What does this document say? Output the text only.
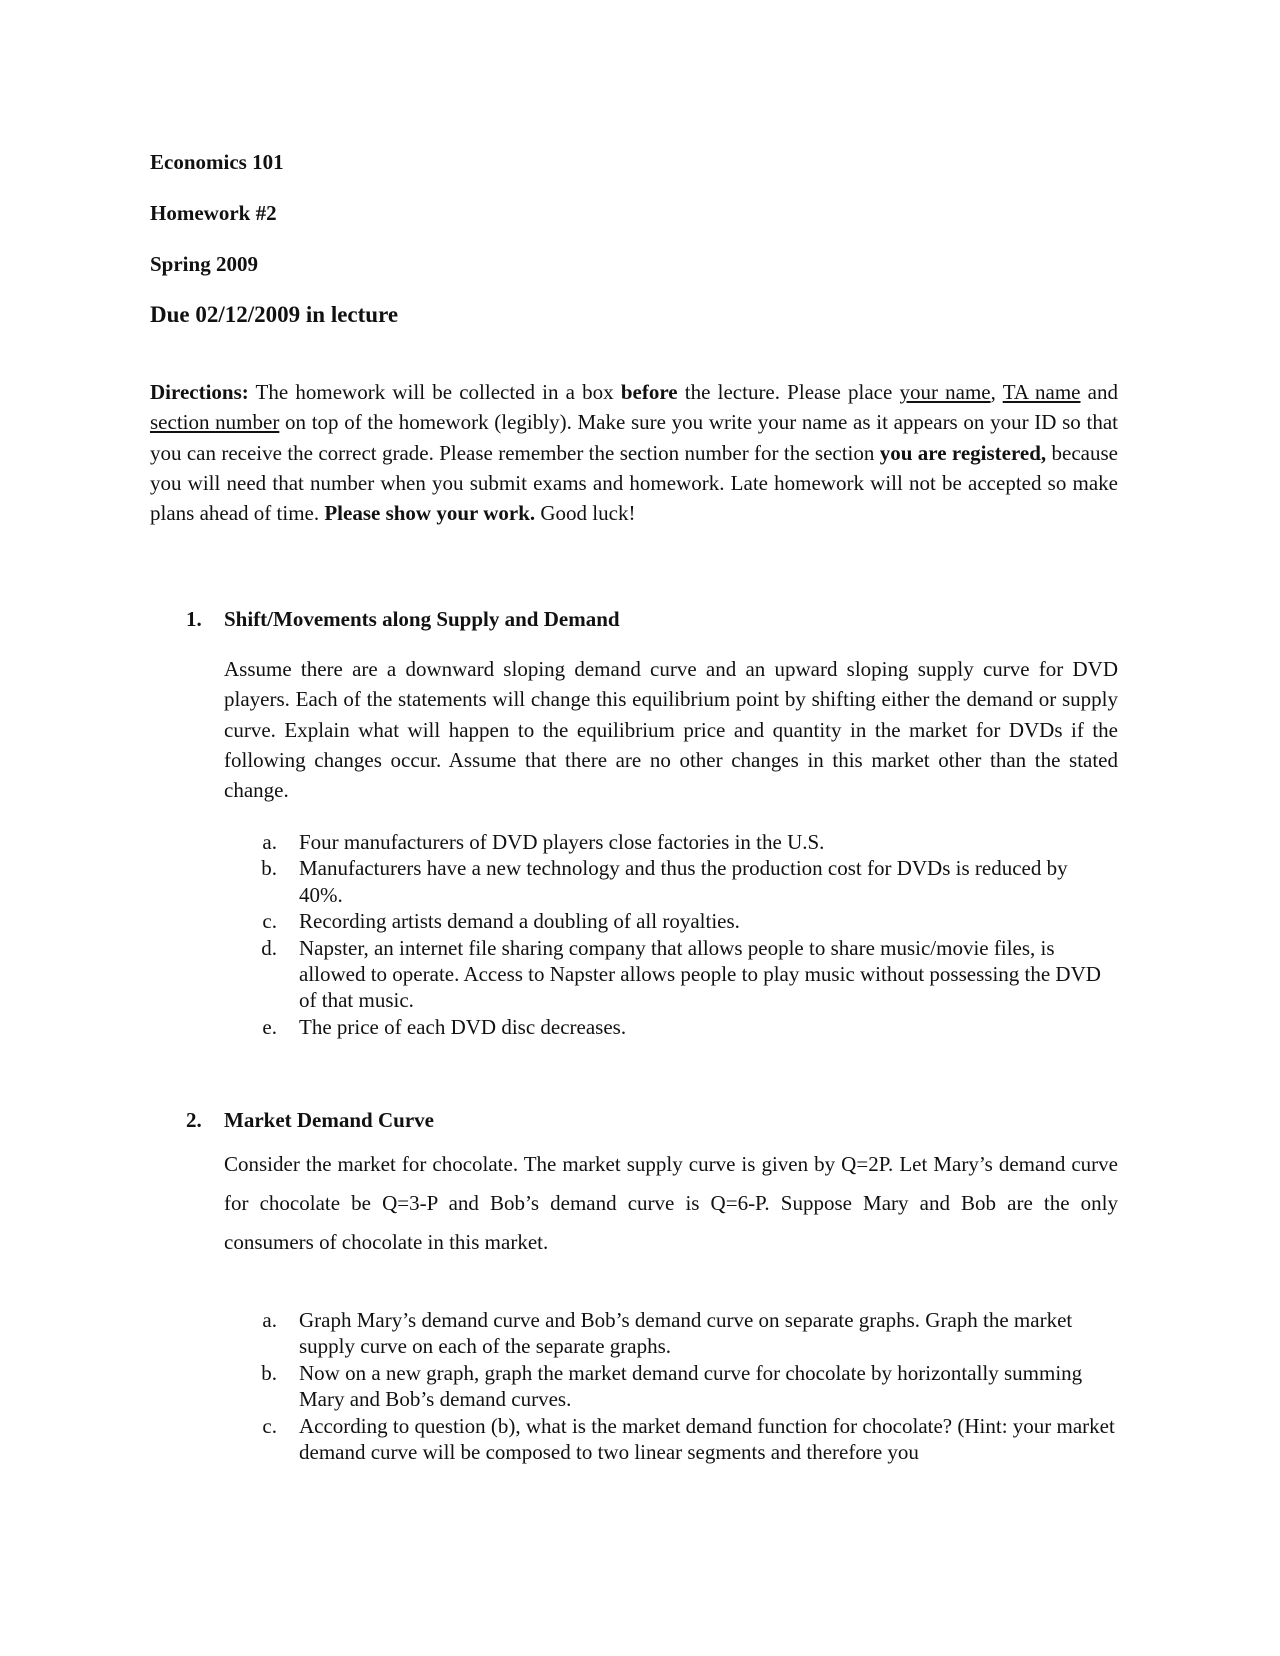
Economics 101
Homework #2
Spring 2009
Due 02/12/2009 in lecture
Directions: The homework will be collected in a box before the lecture. Please place your name, TA name and section number on top of the homework (legibly). Make sure you write your name as it appears on your ID so that you can receive the correct grade. Please remember the section number for the section you are registered, because you will need that number when you submit exams and homework. Late homework will not be accepted so make plans ahead of time. Please show your work. Good luck!
1. Shift/Movements along Supply and Demand
Assume there are a downward sloping demand curve and an upward sloping supply curve for DVD players. Each of the statements will change this equilibrium point by shifting either the demand or supply curve. Explain what will happen to the equilibrium price and quantity in the market for DVDs if the following changes occur. Assume that there are no other changes in this market other than the stated change.
a. Four manufacturers of DVD players close factories in the U.S.
b. Manufacturers have a new technology and thus the production cost for DVDs is reduced by 40%.
c. Recording artists demand a doubling of all royalties.
d. Napster, an internet file sharing company that allows people to share music/movie files, is allowed to operate. Access to Napster allows people to play music without possessing the DVD of that music.
e. The price of each DVD disc decreases.
2. Market Demand Curve
Consider the market for chocolate. The market supply curve is given by Q=2P. Let Mary’s demand curve for chocolate be Q=3-P and Bob’s demand curve is Q=6-P. Suppose Mary and Bob are the only consumers of chocolate in this market.
a. Graph Mary’s demand curve and Bob’s demand curve on separate graphs. Graph the market supply curve on each of the separate graphs.
b. Now on a new graph, graph the market demand curve for chocolate by horizontally summing Mary and Bob’s demand curves.
c. According to question (b), what is the market demand function for chocolate? (Hint: your market demand curve will be composed to two linear segments and therefore you
